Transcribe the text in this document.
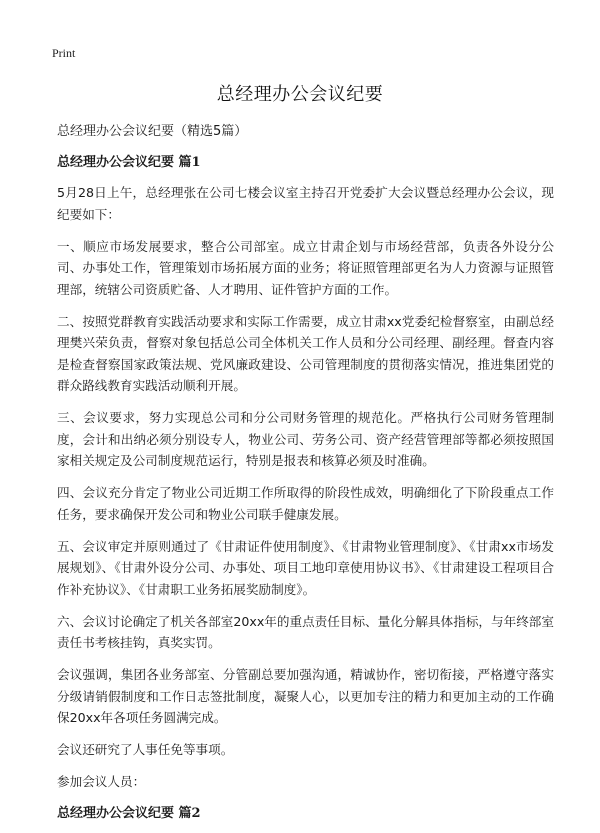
Print
总经理办公会议纪要
总经理办公会议纪要（精选5篇）
总经理办公会议纪要 篇1

5月28日上午，总经理张在公司七楼会议室主持召开党委扩大会议暨总经理办公会议，现纪要如下：

一、顺应市场发展要求，整合公司部室。成立甘肃企划与市场经营部，负责各外设分公司、办事处工作，管理策划市场拓展方面的业务；将证照管理部更名为人力资源与证照管理部，统辖公司资质贮备、人才聘用、证件管护方面的工作。

二、按照党群教育实践活动要求和实际工作需要，成立甘肃xx党委纪检督察室，由副总经理樊兴荣负责，督察对象包括总公司全体机关工作人员和分公司经理、副经理。督查内容是检查督察国家政策法规、党风廉政建设、公司管理制度的贯彻落实情况，推进集团党的群众路线教育实践活动顺利开展。

三、会议要求，努力实现总公司和分公司财务管理的规范化。严格执行公司财务管理制度，会计和出纳必须分别设专人，物业公司、劳务公司、资产经营管理部等都必须按照国家相关规定及公司制度规范运行，特别是报表和核算必须及时准确。

四、会议充分肯定了物业公司近期工作所取得的阶段性成效，明确细化了下阶段重点工作任务，要求确保开发公司和物业公司联手健康发展。

五、会议审定并原则通过了《甘肃证件使用制度》、《甘肃物业管理制度》、《甘肃xx市场发展规划》、《甘肃外设分公司、办事处、项目工地印章使用协议书》、《甘肃建设工程项目合作补充协议》、《甘肃职工业务拓展奖励制度》。

六、会议讨论确定了机关各部室20xx年的重点责任目标、量化分解具体指标，与年终部室责任书考核挂钩，真奖实罚。

会议强调，集团各业务部室、分管副总要加强沟通，精诚协作，密切衔接，严格遵守落实分级请销假制度和工作日志签批制度，凝聚人心，以更加专注的精力和更加主动的工作确保20xx年各项任务圆满完成。

会议还研究了人事任免等事项。

参加会议人员：

总经理办公会议纪要 篇2
